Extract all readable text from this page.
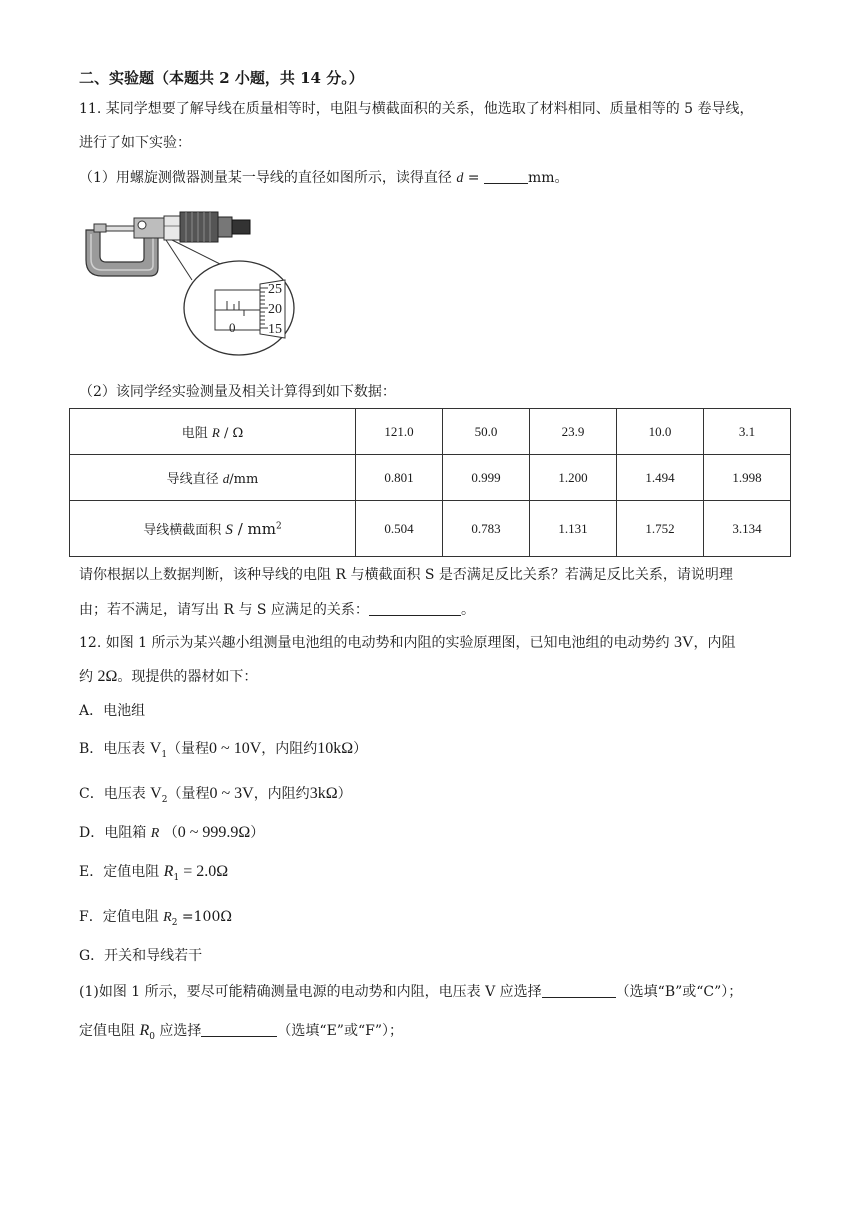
二、实验题（本题共 2 小题，共 14 分。）
11. 某同学想要了解导线在质量相等时，电阻与横截面积的关系，他选取了材料相同、质量相等的 5 卷导线，
进行了如下实验：
（1）用螺旋测微器测量某一导线的直径如图所示，读得直径 d =	mm。
0
25
20
15
（2）该同学经实验测量及相关计算得到如下数据：
电阻 R / Ω	121.0	50.0	23.9	10.0	3.1
导线直径 d/mm	0.801	0.999	1.200	1.494	1.998
导线横截面积 S / $mm^2$	0.504	0.783	1.131	1.752	3.134
请你根据以上数据判断，该种导线的电阻 R 与横截面积 S 是否满足反比关系？若满足反比关系，请说明理
由；若不满足，请写出 R 与 S 应满足的关系：	。
12. 如图 1 所示为某兴趣小组测量电池组的电动势和内阻的实验原理图，已知电池组的电动势约 3V，内阻
约 2Ω。现提供的器材如下：
A．电池组
B．电压表 $V_1$（量程0 ~ 10V，内阻约10kΩ）
C．电压表 $V_2$（量程0 ~ 3V，内阻约3kΩ）
D．电阻箱 R （0 ~ 999.9Ω）
E．定值电阻 $R_1 = 2.0\Omega$
F．定值电阻 $R_2 =100\Omega$
G．开关和导线若干
(1)如图 1 所示，要尽可能精确测量电源的电动势和内阻，电压表 V 应选择	（选填“B”或“C”）；
定值电阻 $R_0$ 应选择	（选填“E”或“F”）；
